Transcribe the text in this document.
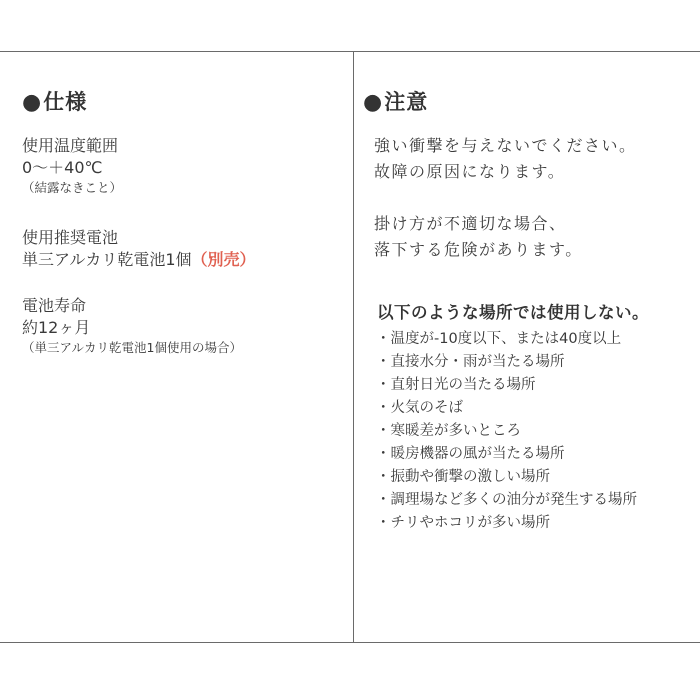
●仕様
使用温度範囲
0〜＋40℃
（結露なきこと）
使用推奨電池
単三アルカリ乾電池1個（別売）
電池寿命
約12ヶ月
（単三アルカリ乾電池1個使用の場合）
●注意
強い衝撃を与えないでください。
故障の原因になります。
掛け方が不適切な場合、
落下する危険があります。
以下のような場所では使用しない。
・温度が-10度以下、または40度以上
・直接水分・雨が当たる場所
・直射日光の当たる場所
・火気のそば
・寒暖差が多いところ
・暖房機器の風が当たる場所
・振動や衝撃の激しい場所
・調理場など多くの油分が発生する場所
・チリやホコリが多い場所
